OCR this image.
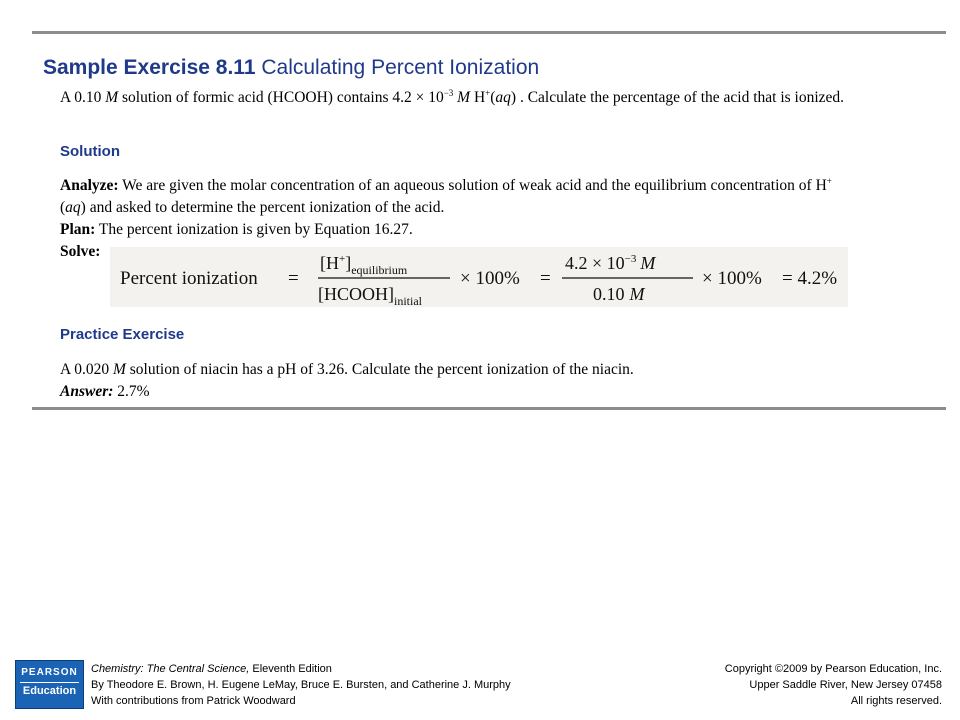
Sample Exercise 8.11 Calculating Percent Ionization
A 0.10 M solution of formic acid (HCOOH) contains $4.2 \times 10^{-3}$ M H+(aq) . Calculate the percentage of the acid that is ionized.
Solution
Analyze: We are given the molar concentration of an aqueous solution of weak acid and the equilibrium concentration of H+(aq) and asked to determine the percent ionization of the acid.
Plan: The percent ionization is given by Equation 16.27.
Solve:
Percent ionization =
$[H^+]_{equilibrium}$
$[HCOOH]_{initial}$
× 100% =
$4.2 \times 10^{-3}$ M
0.10 M
× 100% = 4.2%
Practice Exercise
A 0.020 M solution of niacin has a pH of 3.26. Calculate the percent ionization of the niacin.
Answer: 2.7%
PEARSON
Education
Chemistry: The Central Science, Eleventh Edition
By Theodore E. Brown, H. Eugene LeMay, Bruce E. Bursten, and Catherine J. Murphy
With contributions from Patrick Woodward
Copyright ©2009 by Pearson Education, Inc.
Upper Saddle River, New Jersey 07458
All rights reserved.
